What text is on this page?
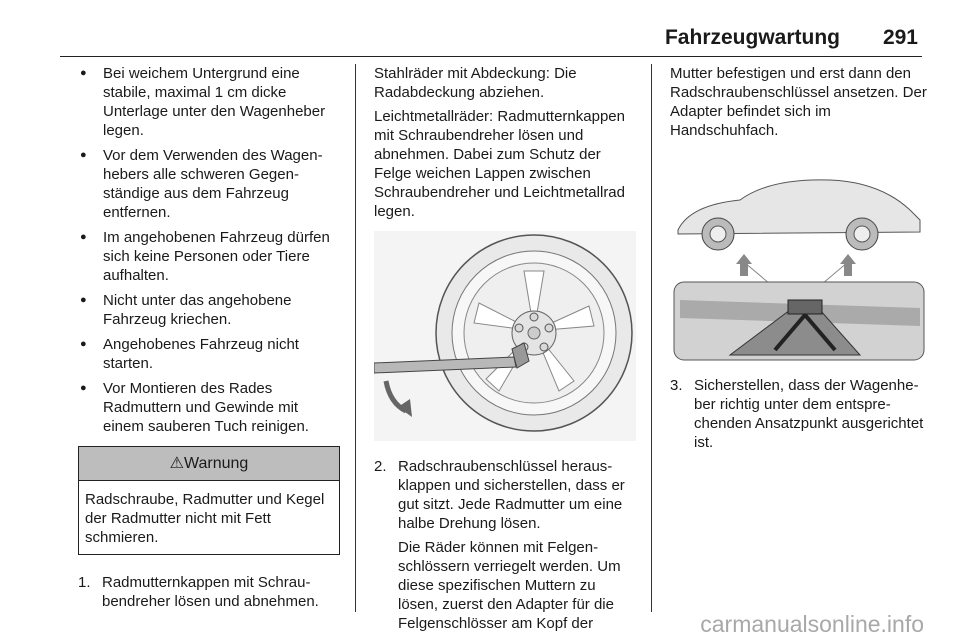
Fahrzeugwartung 291
● Bei weichem Untergrund eine stabile, maximal 1 cm dicke Unterlage unter den Wagenheber legen.
● Vor dem Verwenden des Wagenhebers alle schweren Gegenständige aus dem Fahrzeug entfernen.
● Im angehobenen Fahrzeug dürfen sich keine Personen oder Tiere aufhalten.
● Nicht unter das angehobene Fahrzeug kriechen.
● Angehobenes Fahrzeug nicht starten.
● Vor Montieren des Rades Radmuttern und Gewinde mit einem sauberen Tuch reinigen.
⚠Warnung
Radschraube, Radmutter und Kegel der Radmutter nicht mit Fett schmieren.
1. Radmutternkappen mit Schraubendreher lösen und abnehmen.

Stahlräder mit Abdeckung: Die Radabdeckung abziehen.

Leichtmetallräder: Radmutternkappen mit Schraubendreher lösen und abnehmen. Dabei zum Schutz der Felge weichen Lappen zwischen Schraubendreher und Leichtmetallrad legen.

2. Radschraubenschlüssel herausklappen und sicherstellen, dass er gut sitzt. Jede Radmutter um eine halbe Drehung lösen.
Die Räder können mit Felgenschlössern verriegelt werden. Um diese spezifischen Muttern zu lösen, zuerst den Adapter für die Felgenschlösser am Kopf der

Mutter befestigen und erst dann den Radschraubenschlüssel ansetzen. Der Adapter befindet sich im Handschuhfach.

3. Sicherstellen, dass der Wagenheber richtig unter dem entsprechenden Ansatzpunkt ausgerichtet ist.
carmanualsonline.info
